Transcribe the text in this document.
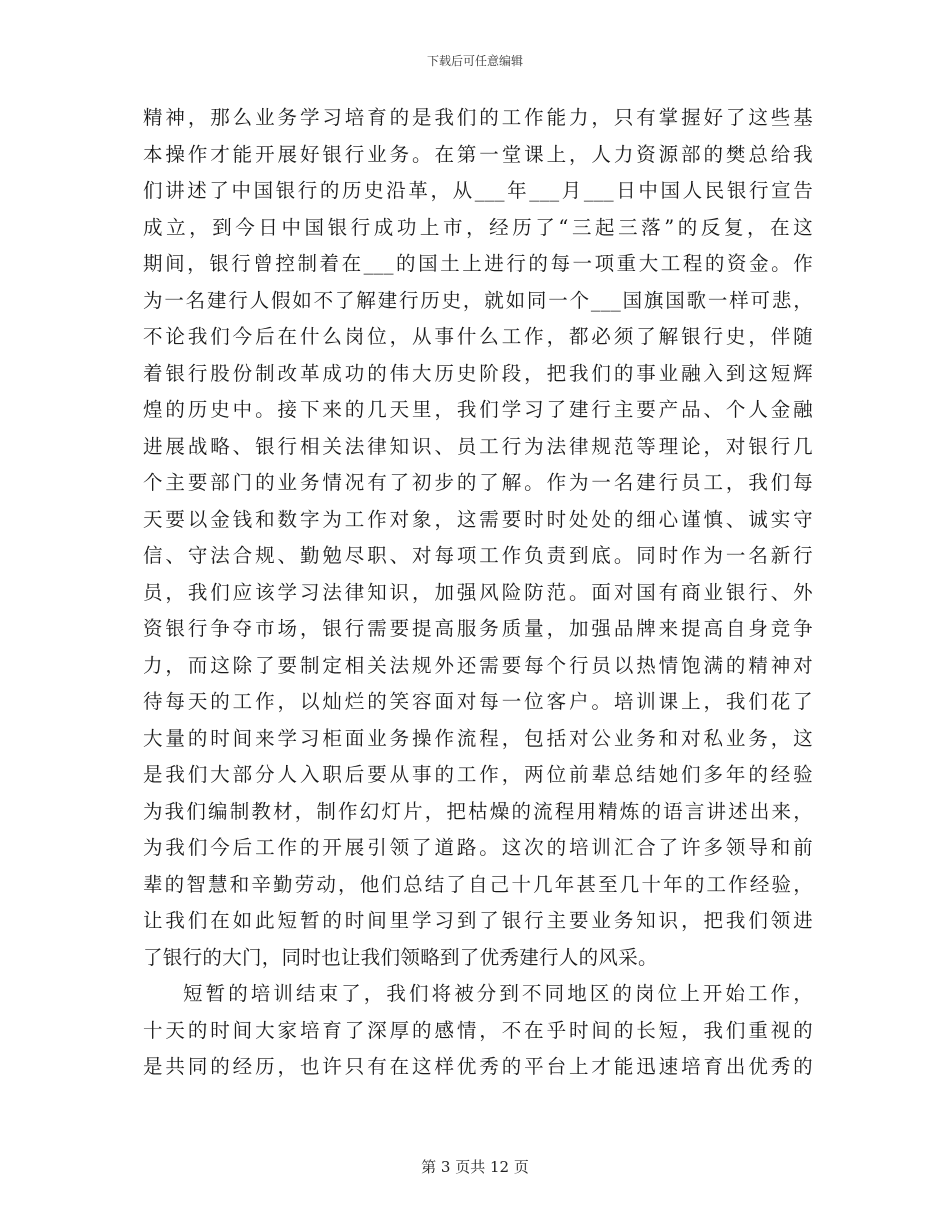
下载后可任意编辑
精神，那么业务学习培育的是我们的工作能力，只有掌握好了这些基
本操作才能开展好银行业务。在第一堂课上，人力资源部的樊总给我
们讲述了中国银行的历史沿革，从___年___月___日中国人民银行宣告
成立，到今日中国银行成功上市，经历了“三起三落”的反复，在这
期间，银行曾控制着在___的国土上进行的每一项重大工程的资金。作
为一名建行人假如不了解建行历史，就如同一个___国旗国歌一样可悲，
不论我们今后在什么岗位，从事什么工作，都必须了解银行史，伴随
着银行股份制改革成功的伟大历史阶段，把我们的事业融入到这短辉
煌的历史中。接下来的几天里，我们学习了建行主要产品、个人金融
进展战略、银行相关法律知识、员工行为法律规范等理论，对银行几
个主要部门的业务情况有了初步的了解。作为一名建行员工，我们每
天要以金钱和数字为工作对象，这需要时时处处的细心谨慎、诚实守
信、守法合规、勤勉尽职、对每项工作负责到底。同时作为一名新行
员，我们应该学习法律知识，加强风险防范。面对国有商业银行、外
资银行争夺市场，银行需要提高服务质量，加强品牌来提高自身竞争
力，而这除了要制定相关法规外还需要每个行员以热情饱满的精神对
待每天的工作，以灿烂的笑容面对每一位客户。培训课上，我们花了
大量的时间来学习柜面业务操作流程，包括对公业务和对私业务，这
是我们大部分人入职后要从事的工作，两位前辈总结她们多年的经验
为我们编制教材，制作幻灯片，把枯燥的流程用精炼的语言讲述出来，
为我们今后工作的开展引领了道路。这次的培训汇合了许多领导和前
辈的智慧和辛勤劳动，他们总结了自己十几年甚至几十年的工作经验，
让我们在如此短暂的时间里学习到了银行主要业务知识，把我们领进
了银行的大门，同时也让我们领略到了优秀建行人的风采。
短暂的培训结束了，我们将被分到不同地区的岗位上开始工作，
十天的时间大家培育了深厚的感情，不在乎时间的长短，我们重视的
是共同的经历，也许只有在这样优秀的平台上才能迅速培育出优秀的
第 3 页共 12 页
